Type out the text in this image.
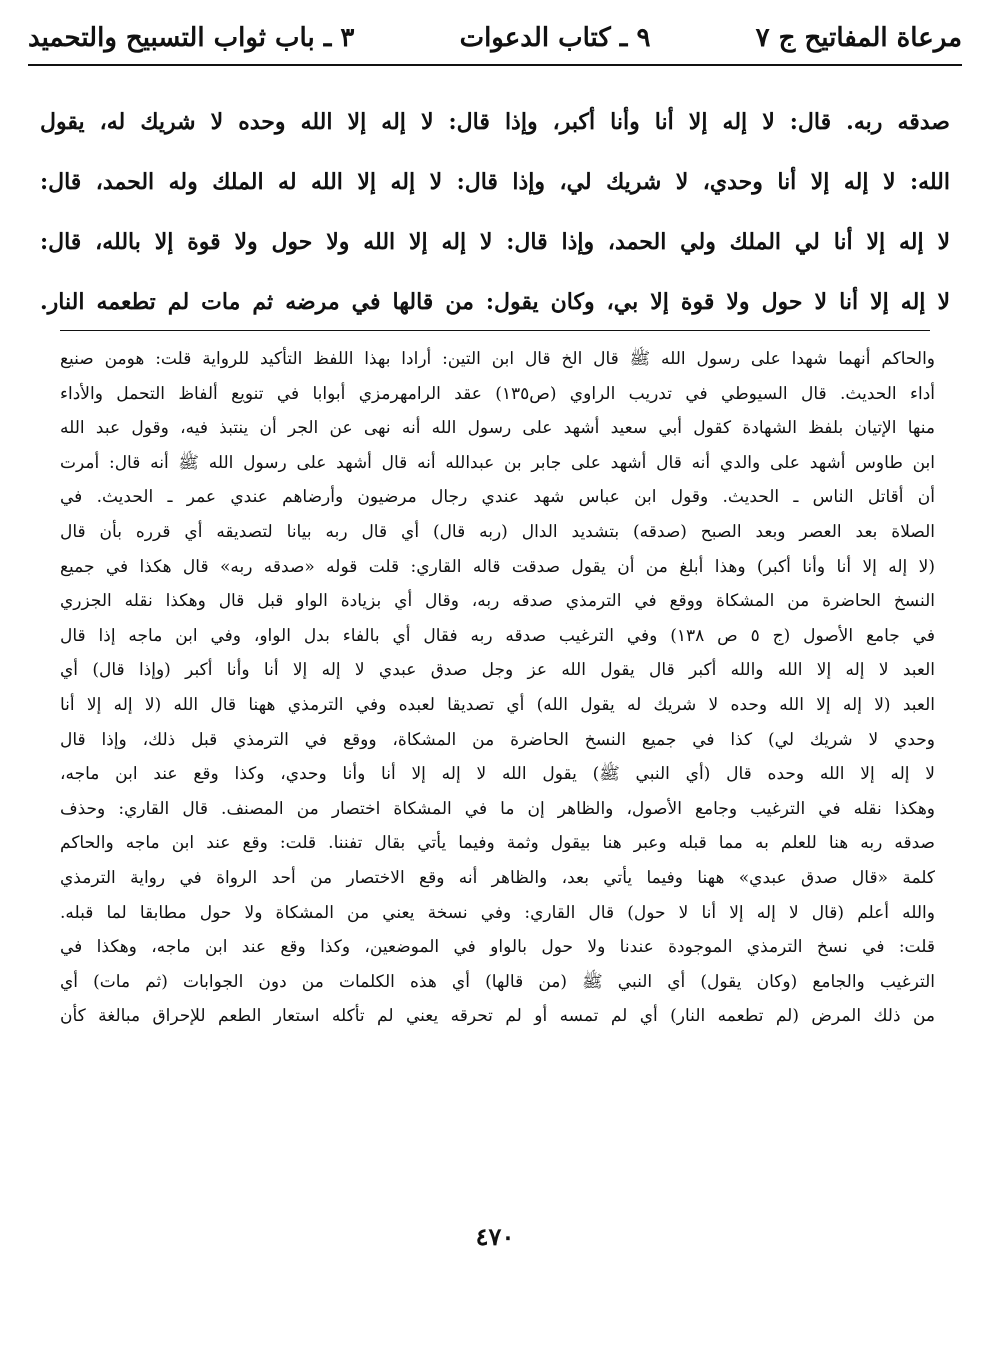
مرعاة المفاتيح ج ٧
٩ ـ كتاب الدعوات
٣ ـ باب ثواب التسبيح والتحميد
صدقه ربه. قال: لا إله إلا أنا وأنا أكبر، وإذا قال: لا إله إلا الله وحده لا شريك له، يقول
الله: لا إله إلا أنا وحدي، لا شريك لي، وإذا قال: لا إله إلا الله له الملك وله الحمد، قال:
لا إله إلا أنا لي الملك ولي الحمد، وإذا قال: لا إله إلا الله ولا حول ولا قوة إلا بالله، قال:
لا إله إلا أنا لا حول ولا قوة إلا بي، وكان يقول: من قالها في مرضه ثم مات لم تطعمه النار.
والحاكم أنهما شهدا على رسول الله ﷺ قال الخ قال ابن التين: أرادا بهذا اللفظ التأكيد للرواية قلت: هومن صنيع
أداء الحديث. قال السيوطي في تدريب الراوي (ص١٣٥) عقد الرامهرمزي أبوابا في تنويع ألفاظ التحمل والأداء
منها الإتيان بلفظ الشهادة كقول أبي سعيد أشهد على رسول الله أنه نهى عن الجر أن ينتبذ فيه، وقول عبد الله
ابن طاوس أشهد على والدي أنه قال أشهد على جابر بن عبدالله أنه قال أشهد على رسول الله ﷺ أنه قال: أمرت
أن أقاتل الناس ـ الحديث. وقول ابن عباس شهد عندي رجال مرضيون وأرضاهم عندي عمر ـ الحديث. في
الصلاة بعد العصر وبعد الصبح (صدقه) بتشديد الدال (ربه قال) أي قال ربه بيانا لتصديقه أي قرره بأن قال
(لا إله إلا أنا وأنا أكبر) وهذا أبلغ من أن يقول صدقت قاله القاري: قلت قوله «صدقه ربه» قال هكذا في جميع
النسخ الحاضرة من المشكاة ووقع في الترمذي صدقه ربه، وقال أي بزيادة الواو قبل قال وهكذا نقله الجزري
في جامع الأصول (ج ٥ ص ١٣٨) وفي الترغيب صدقه ربه فقال أي بالفاء بدل الواو، وفي ابن ماجه إذا قال
العبد لا إله إلا الله والله أكبر قال يقول الله عز وجل صدق عبدي لا إله إلا أنا وأنا أكبر (وإذا قال) أي
العبد (لا إله إلا الله وحده لا شريك له يقول الله) أي تصديقا لعبده وفي الترمذي ههنا قال الله (لا إله إلا أنا
وحدي لا شريك لي) كذا في جميع النسخ الحاضرة من المشكاة، ووقع في الترمذي قبل ذلك، وإذا قال
لا إله إلا الله وحده قال (أي النبي ﷺ) يقول الله لا إله إلا أنا وأنا وحدي، وكذا وقع عند ابن ماجه،
وهكذا نقله في الترغيب وجامع الأصول، والظاهر إن ما في المشكاة اختصار من المصنف. قال القاري: وحذف
صدقه ربه هنا للعلم به مما قبله وعبر هنا بيقول وثمة وفيما يأتي بقال تفننا. قلت: وقع عند ابن ماجه والحاكم
كلمة «قال صدق عبدي» ههنا وفيما يأتي بعد، والظاهر أنه وقع الاختصار من أحد الرواة في رواية الترمذي
والله أعلم (قال لا إله إلا أنا لا حول) قال القاري: وفي نسخة يعني من المشكاة ولا حول مطابقا لما قبله.
قلت: في نسخ الترمذي الموجودة عندنا ولا حول بالواو في الموضعين، وكذا وقع عند ابن ماجه، وهكذا في
الترغيب والجامع (وكان يقول) أي النبي ﷺ (من قالها) أي هذه الكلمات من دون الجوابات (ثم مات) أي
من ذلك المرض (لم تطعمه النار) أي لم تمسه أو لم تحرقه يعني لم تأكله استعار الطعم للإحراق مبالغة كأن
٤٧٠
